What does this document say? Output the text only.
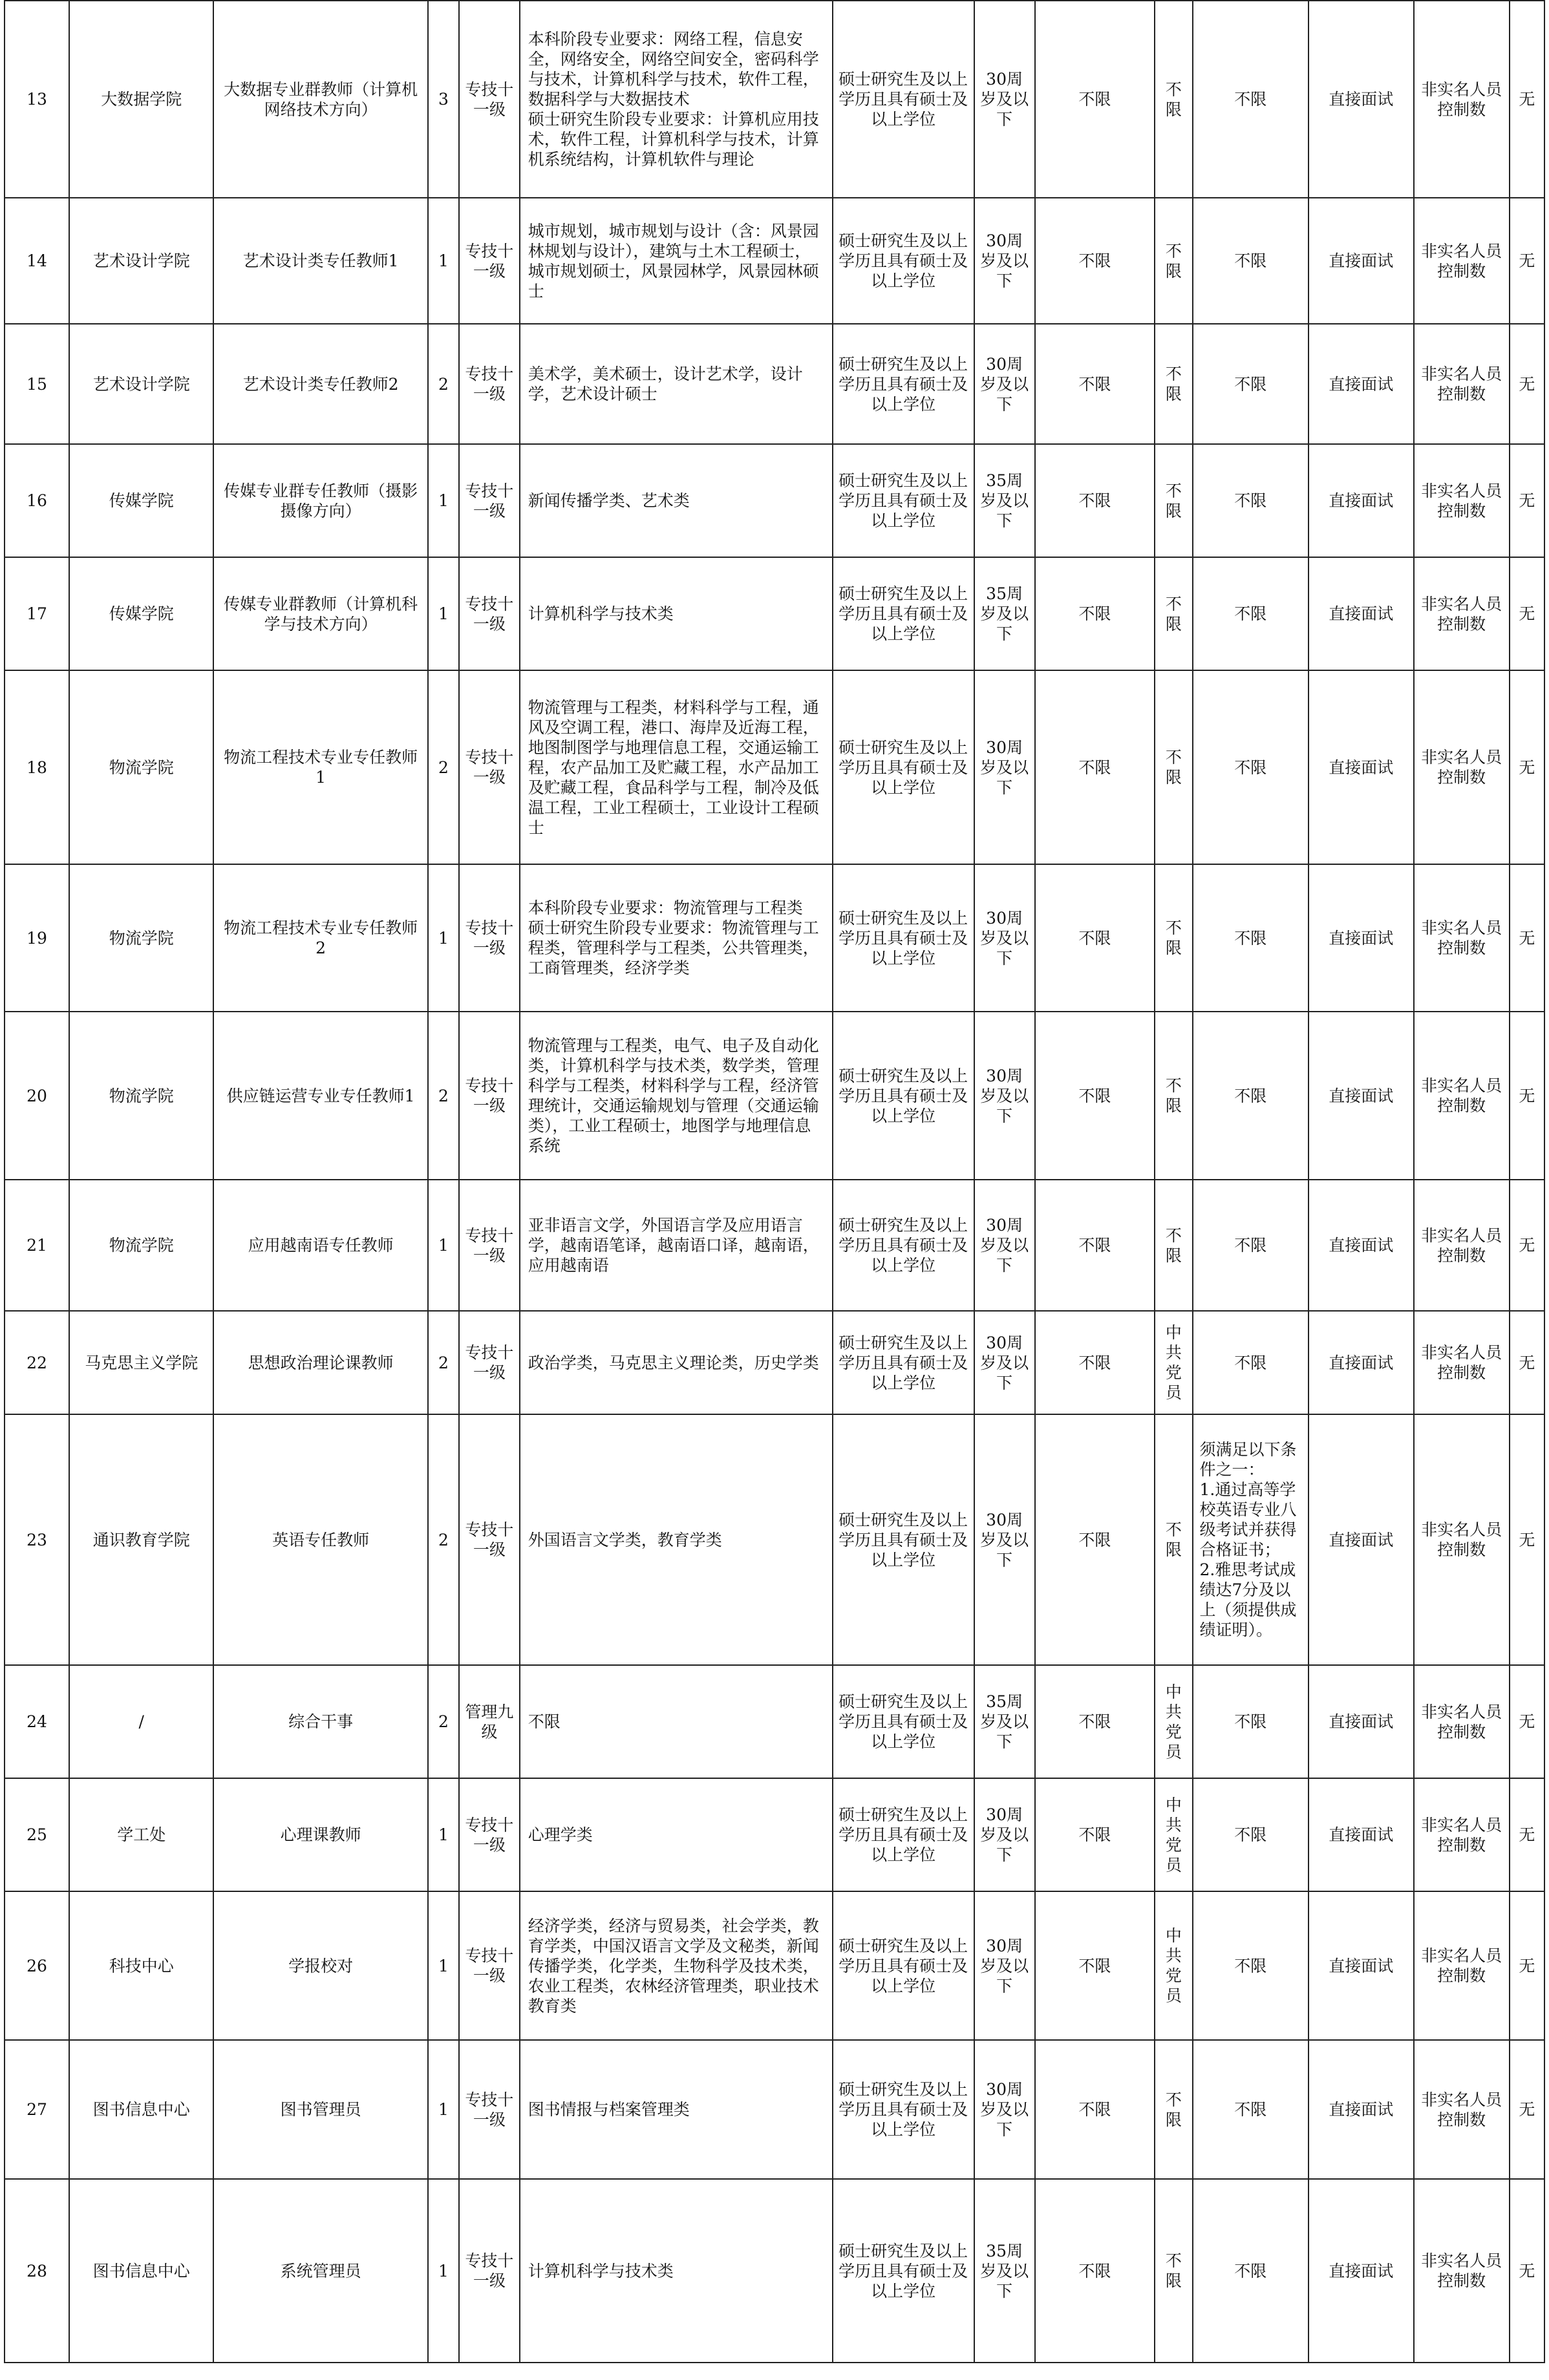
13	大数据学院	大数据专业群教师（计算机网络技术方向）	3	专技十一级	本科阶段专业要求：网络工程，信息安全，网络安全，网络空间安全，密码科学与技术，计算机科学与技术，软件工程，数据科学与大数据技术
硕士研究生阶段专业要求：计算机应用技术，软件工程，计算机科学与技术，计算机系统结构，计算机软件与理论	硕士研究生及以上学历且具有硕士及以上学位	30周岁及以下	不限	不限	不限	直接面试	非实名人员控制数	无
14	艺术设计学院	艺术设计类专任教师1	1	专技十一级	城市规划，城市规划与设计（含：风景园林规划与设计），建筑与土木工程硕士，城市规划硕士，风景园林学，风景园林硕士	硕士研究生及以上学历且具有硕士及以上学位	30周岁及以下	不限	不限	不限	直接面试	非实名人员控制数	无
15	艺术设计学院	艺术设计类专任教师2	2	专技十一级	美术学，美术硕士，设计艺术学，设计学，艺术设计硕士	硕士研究生及以上学历且具有硕士及以上学位	30周岁及以下	不限	不限	不限	直接面试	非实名人员控制数	无
16	传媒学院	传媒专业群专任教师（摄影摄像方向）	1	专技十一级	新闻传播学类、艺术类	硕士研究生及以上学历且具有硕士及以上学位	35周岁及以下	不限	不限	不限	直接面试	非实名人员控制数	无
17	传媒学院	传媒专业群教师（计算机科学与技术方向）	1	专技十一级	计算机科学与技术类	硕士研究生及以上学历且具有硕士及以上学位	35周岁及以下	不限	不限	不限	直接面试	非实名人员控制数	无
18	物流学院	物流工程技术专业专任教师1	2	专技十一级	物流管理与工程类，材料科学与工程，通风及空调工程，港口、海岸及近海工程，地图制图学与地理信息工程，交通运输工程，农产品加工及贮藏工程，水产品加工及贮藏工程，食品科学与工程，制冷及低温工程，工业工程硕士，工业设计工程硕士	硕士研究生及以上学历且具有硕士及以上学位	30周岁及以下	不限	不限	不限	直接面试	非实名人员控制数	无
19	物流学院	物流工程技术专业专任教师2	1	专技十一级	本科阶段专业要求：物流管理与工程类
硕士研究生阶段专业要求：物流管理与工程类，管理科学与工程类，公共管理类，工商管理类，经济学类	硕士研究生及以上学历且具有硕士及以上学位	30周岁及以下	不限	不限	不限	直接面试	非实名人员控制数	无
20	物流学院	供应链运营专业专任教师1	2	专技十一级	物流管理与工程类，电气、电子及自动化类，计算机科学与技术类，数学类，管理科学与工程类，材料科学与工程，经济管理统计，交通运输规划与管理（交通运输类），工业工程硕士，地图学与地理信息系统	硕士研究生及以上学历且具有硕士及以上学位	30周岁及以下	不限	不限	不限	直接面试	非实名人员控制数	无
21	物流学院	应用越南语专任教师	1	专技十一级	亚非语言文学，外国语言学及应用语言学，越南语笔译，越南语口译，越南语，应用越南语	硕士研究生及以上学历且具有硕士及以上学位	30周岁及以下	不限	不限	不限	直接面试	非实名人员控制数	无
22	马克思主义学院	思想政治理论课教师	2	专技十一级	政治学类，马克思主义理论类，历史学类	硕士研究生及以上学历且具有硕士及以上学位	30周岁及以下	不限	中共党员	不限	直接面试	非实名人员控制数	无
23	通识教育学院	英语专任教师	2	专技十一级	外国语言文学类，教育学类	硕士研究生及以上学历且具有硕士及以上学位	30周岁及以下	不限	不限	须满足以下条件之一：
1.通过高等学校英语专业八级考试并获得合格证书；
2.雅思考试成绩达7分及以上（须提供成绩证明）。	直接面试	非实名人员控制数	无
24	/	综合干事	2	管理九级	不限	硕士研究生及以上学历且具有硕士及以上学位	35周岁及以下	不限	中共党员	不限	直接面试	非实名人员控制数	无
25	学工处	心理课教师	1	专技十一级	心理学类	硕士研究生及以上学历且具有硕士及以上学位	30周岁及以下	不限	中共党员	不限	直接面试	非实名人员控制数	无
26	科技中心	学报校对	1	专技十一级	经济学类，经济与贸易类，社会学类，教育学类，中国汉语言文学及文秘类，新闻传播学类，化学类，生物科学及技术类，农业工程类，农林经济管理类，职业技术教育类	硕士研究生及以上学历且具有硕士及以上学位	30周岁及以下	不限	中共党员	不限	直接面试	非实名人员控制数	无
27	图书信息中心	图书管理员	1	专技十一级	图书情报与档案管理类	硕士研究生及以上学历且具有硕士及以上学位	30周岁及以下	不限	不限	不限	直接面试	非实名人员控制数	无
28	图书信息中心	系统管理员	1	专技十一级	计算机科学与技术类	硕士研究生及以上学历且具有硕士及以上学位	35周岁及以下	不限	不限	不限	直接面试	非实名人员控制数	无
